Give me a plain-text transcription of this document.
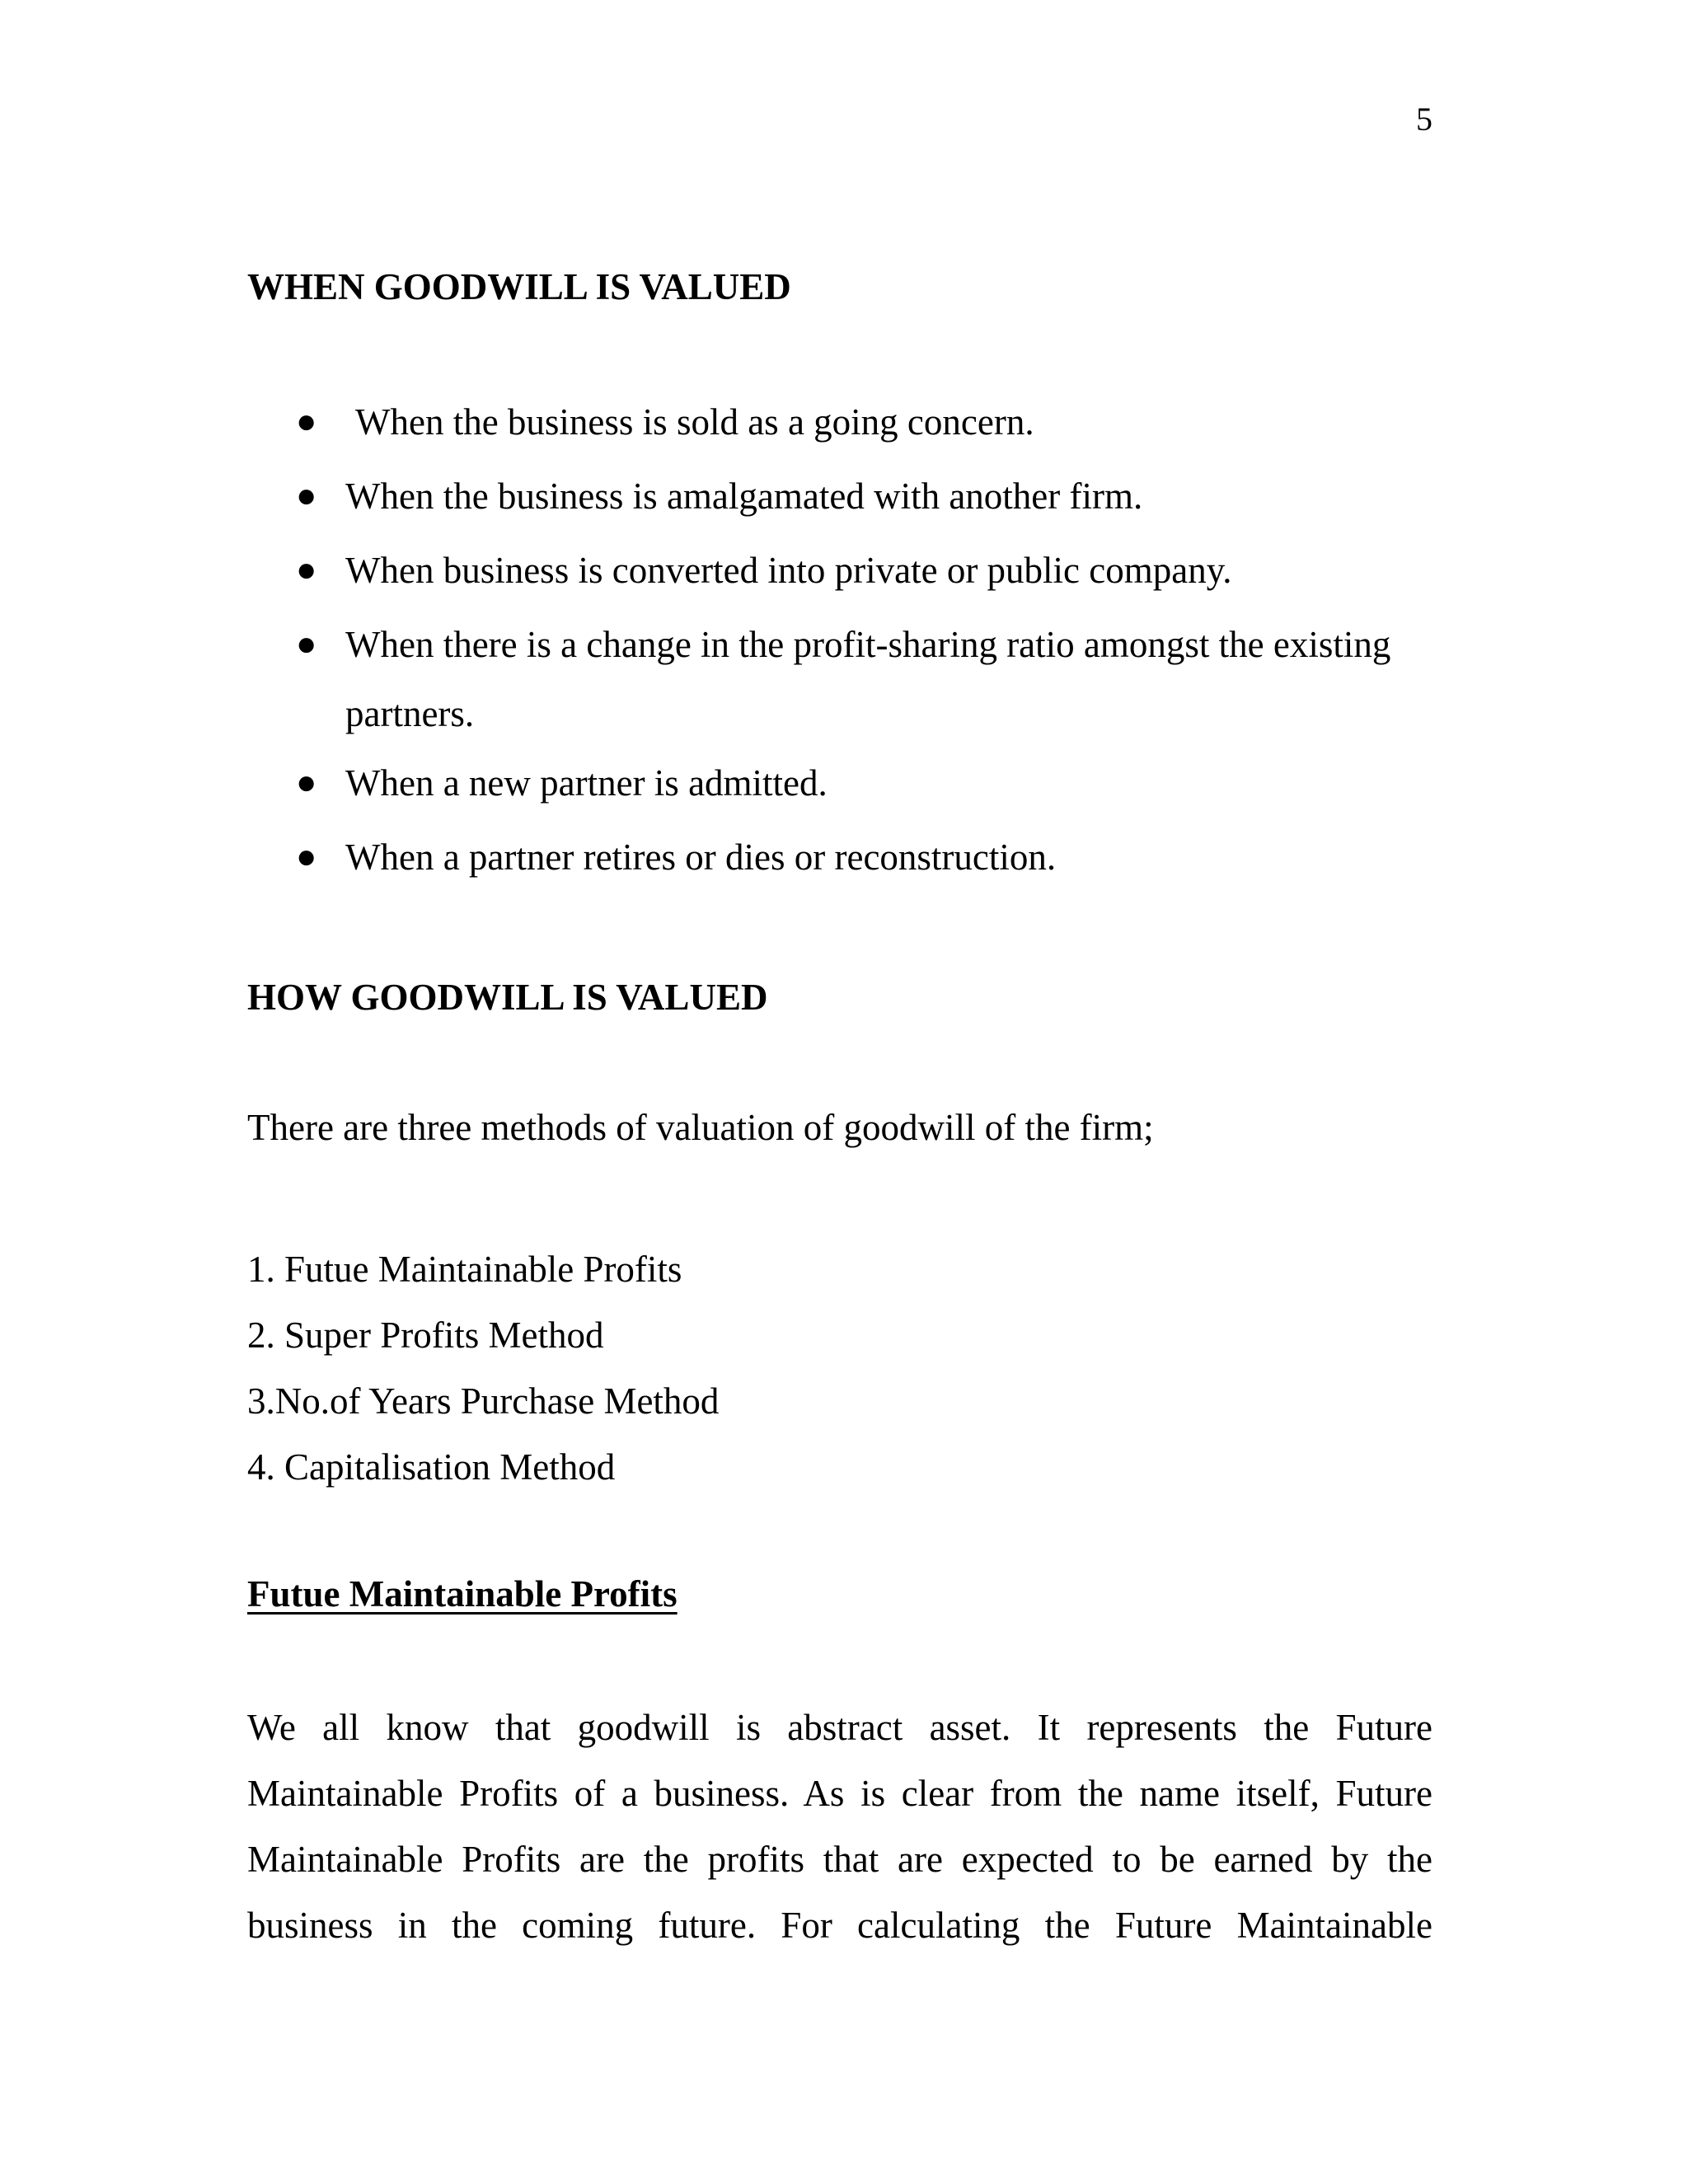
5
WHEN GOODWILL IS VALUED
● When the business is sold as a going concern.
● When the business is amalgamated with another firm.
● When business is converted into private or public company.
● When there is a change in the profit-sharing ratio amongst the existing partners.
● When a new partner is admitted.
● When a partner retires or dies or reconstruction.
HOW GOODWILL IS VALUED

There are three methods of valuation of goodwill of the firm;

1. Futue Maintainable Profits
2. Super Profits Method
3.No.of Years Purchase Method
4. Capitalisation Method
Futue Maintainable Profits

We all know that goodwill is abstract asset. It represents the Future Maintainable Profits of a business. As is clear from the name itself, Future Maintainable Profits are the profits that are expected to be earned by the business in the coming future. For calculating the Future Maintainable
